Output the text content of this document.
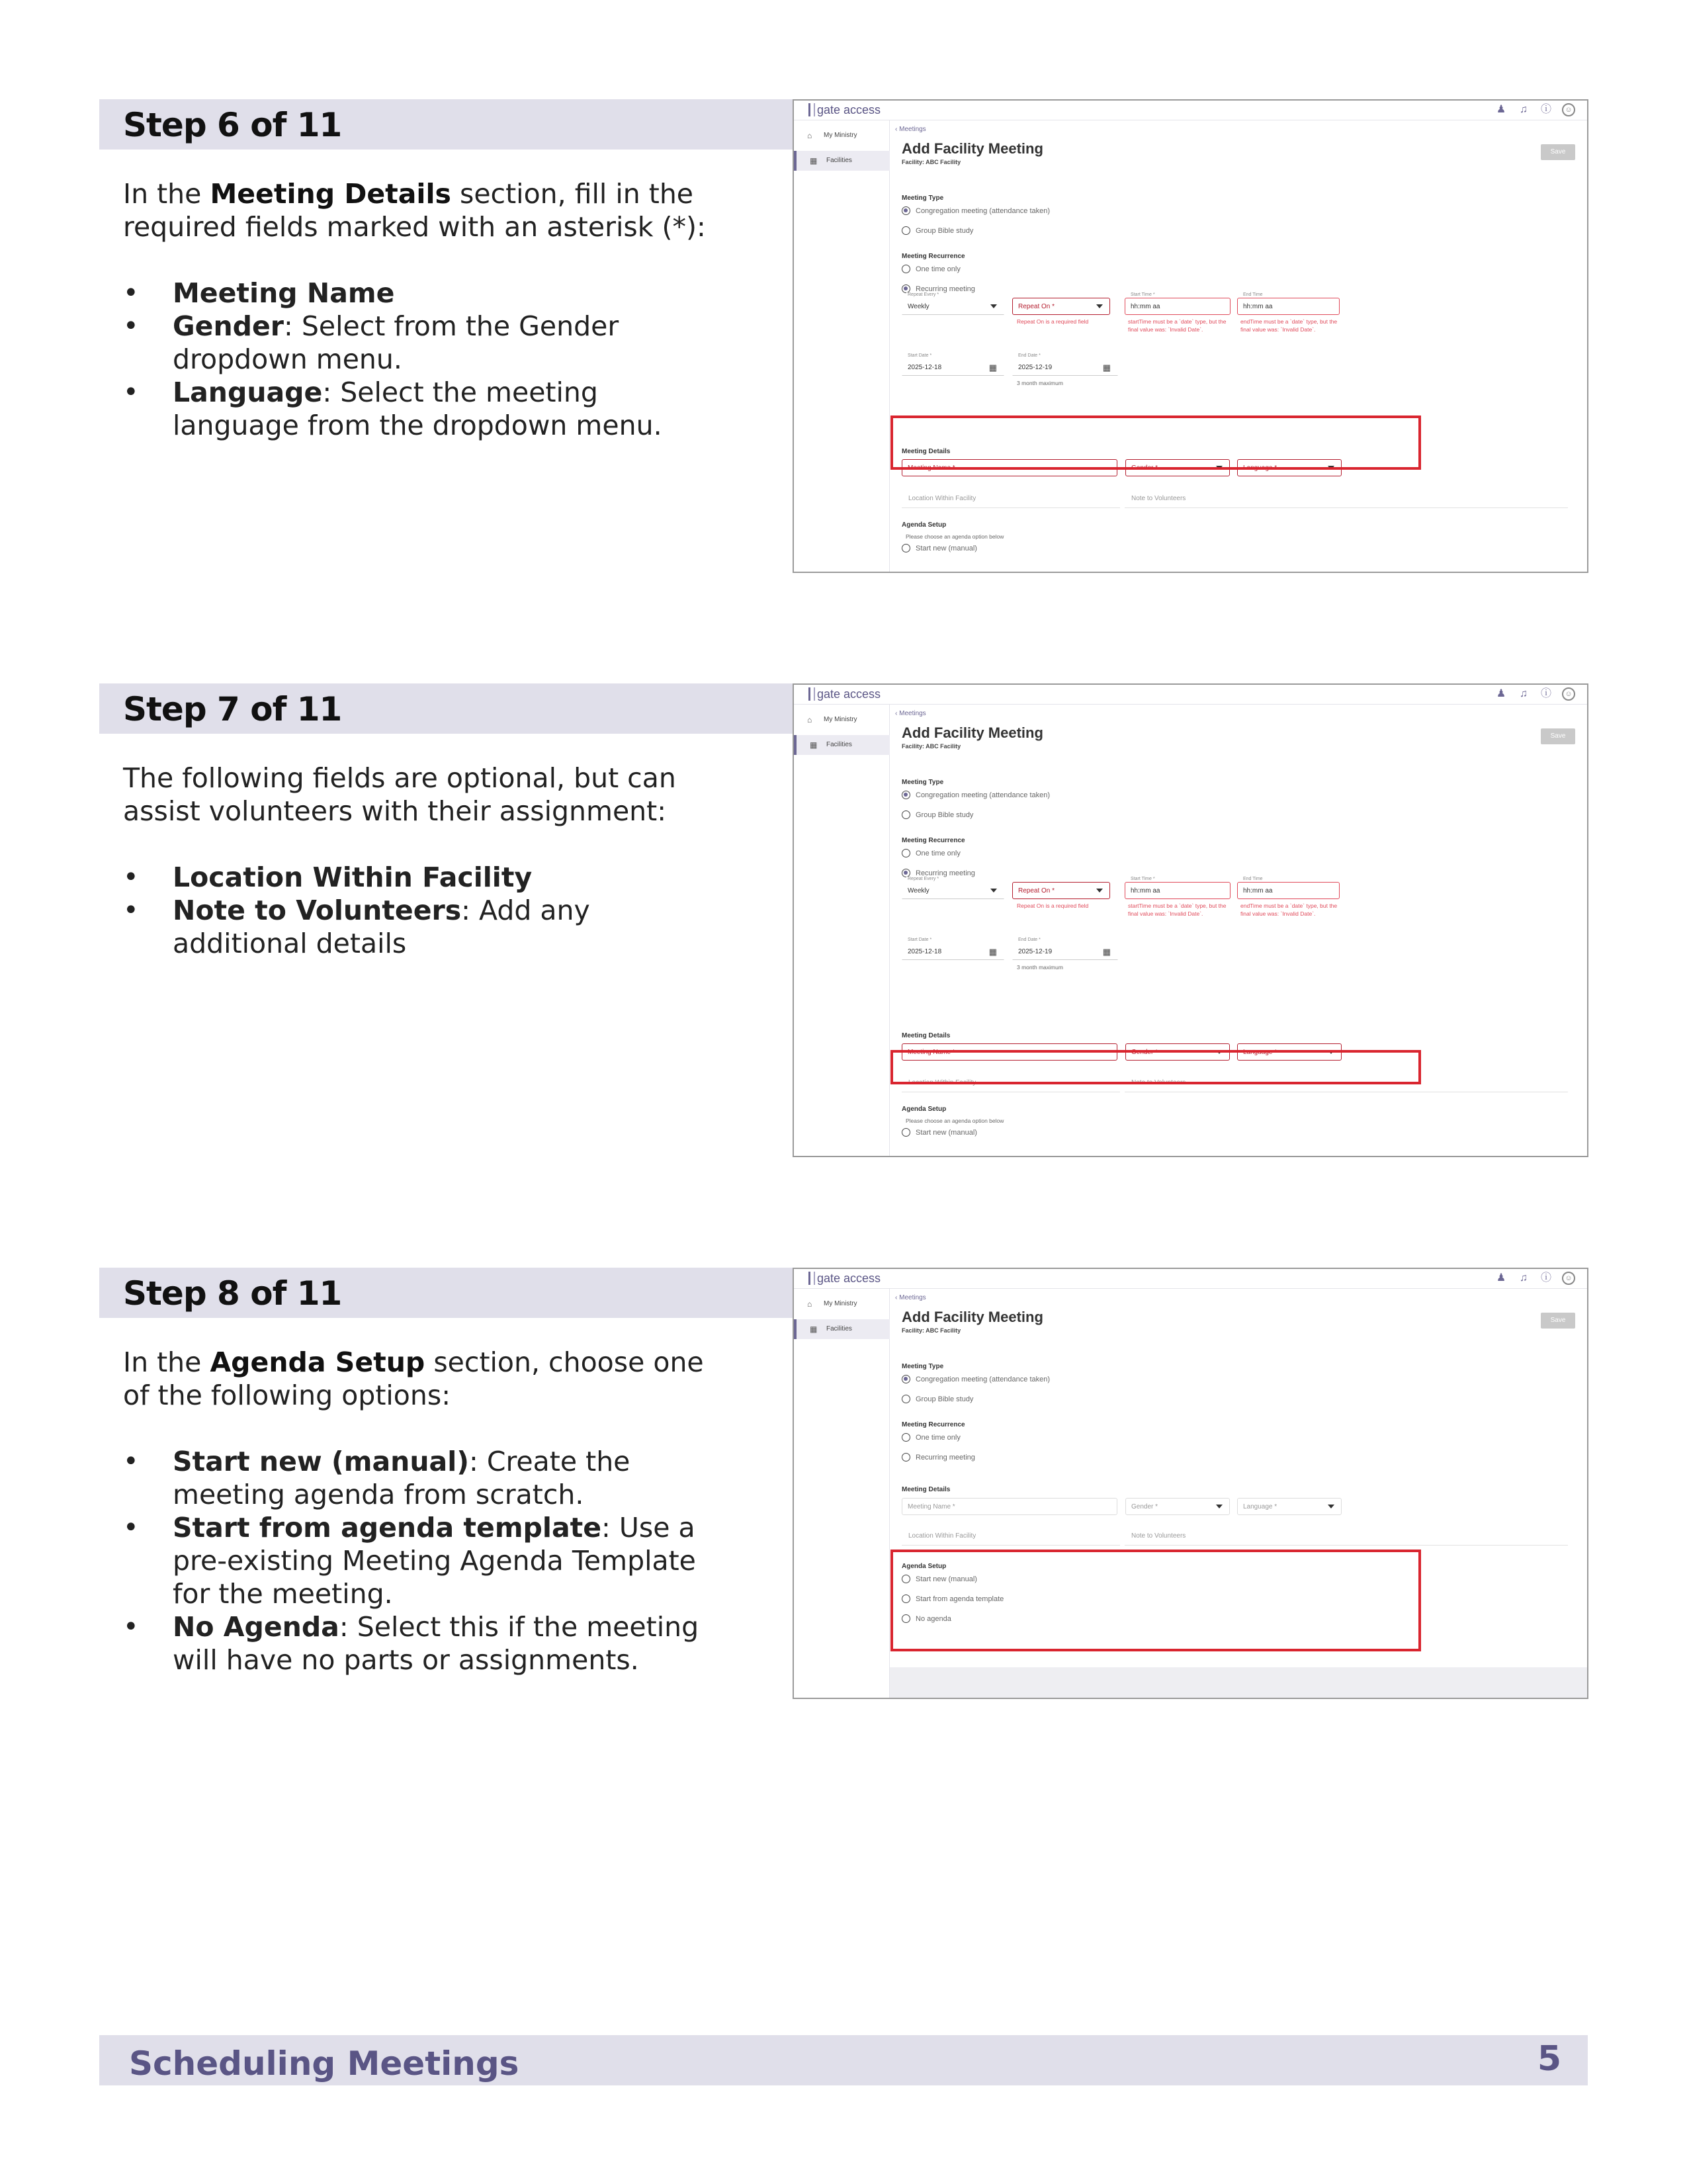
Step 6 of 11

In the Meeting Details section, fill in the required fields marked with an asterisk (*):

• Meeting Name
• Gender: Select from the Gender dropdown menu.
• Language: Select the meeting language from the dropdown menu.
gate access	♟ ♫ ⓘ	☺
⌂ My Ministry
▦ Facilities
‹ Meetings
Add Facility Meeting
Facility: ABC Facility
Save
Meeting Type
Congregation meeting (attendance taken)
Group Bible study
Meeting Recurrence
One time only
Recurring meeting
Repeat Every *
Weekly	Repeat On *
Repeat On is a required field
Start Time *
hh:mm aa
startTime must be a `date` type, but the final value was: `Invalid Date`.
End Time
hh:mm aa
endTime must be a `date` type, but the final value was: `Invalid Date`.
Start Date *
2025-12-18	▦
End Date *
2025-12-19	▦
3 month maximum
Meeting Details
Meeting Name *	Gender *	Language *
Location Within Facility	Note to Volunteers
Agenda Setup
Please choose an agenda option below
Start new (manual)
Step 7 of 11

The following fields are optional, but can assist volunteers with their assignment:

• Location Within Facility
• Note to Volunteers: Add any additional details
gate access	♟ ♫ ⓘ	☺
⌂ My Ministry
▦ Facilities
‹ Meetings
Add Facility Meeting
Facility: ABC Facility
Save
Meeting Type
Congregation meeting (attendance taken)
Group Bible study
Meeting Recurrence
One time only
Recurring meeting
Repeat Every *
Weekly	Repeat On *
Repeat On is a required field
Start Time *
hh:mm aa
startTime must be a `date` type, but the final value was: `Invalid Date`.
End Time
hh:mm aa
endTime must be a `date` type, but the final value was: `Invalid Date`.
Start Date *
2025-12-18	▦
End Date *
2025-12-19	▦
3 month maximum
Meeting Details
Meeting Name *	Gender *	Language *
Location Within Facility	Note to Volunteers
Agenda Setup
Please choose an agenda option below
Start new (manual)
Step 8 of 11

In the Agenda Setup section, choose one of the following options:

• Start new (manual): Create the meeting agenda from scratch.
• Start from agenda template: Use a pre-existing Meeting Agenda Template for the meeting.
• No Agenda: Select this if the meeting will have no parts or assignments.
gate access	♟ ♫ ⓘ	☺
⌂ My Ministry
▦ Facilities
‹ Meetings
Add Facility Meeting
Facility: ABC Facility
Save
Meeting Type
Congregation meeting (attendance taken)
Group Bible study
Meeting Recurrence
One time only
Recurring meeting
Meeting Details
Meeting Name *	Gender *	Language *
Location Within Facility	Note to Volunteers
Agenda Setup
Start new (manual)
Start from agenda template
No agenda
Scheduling Meetings	5
